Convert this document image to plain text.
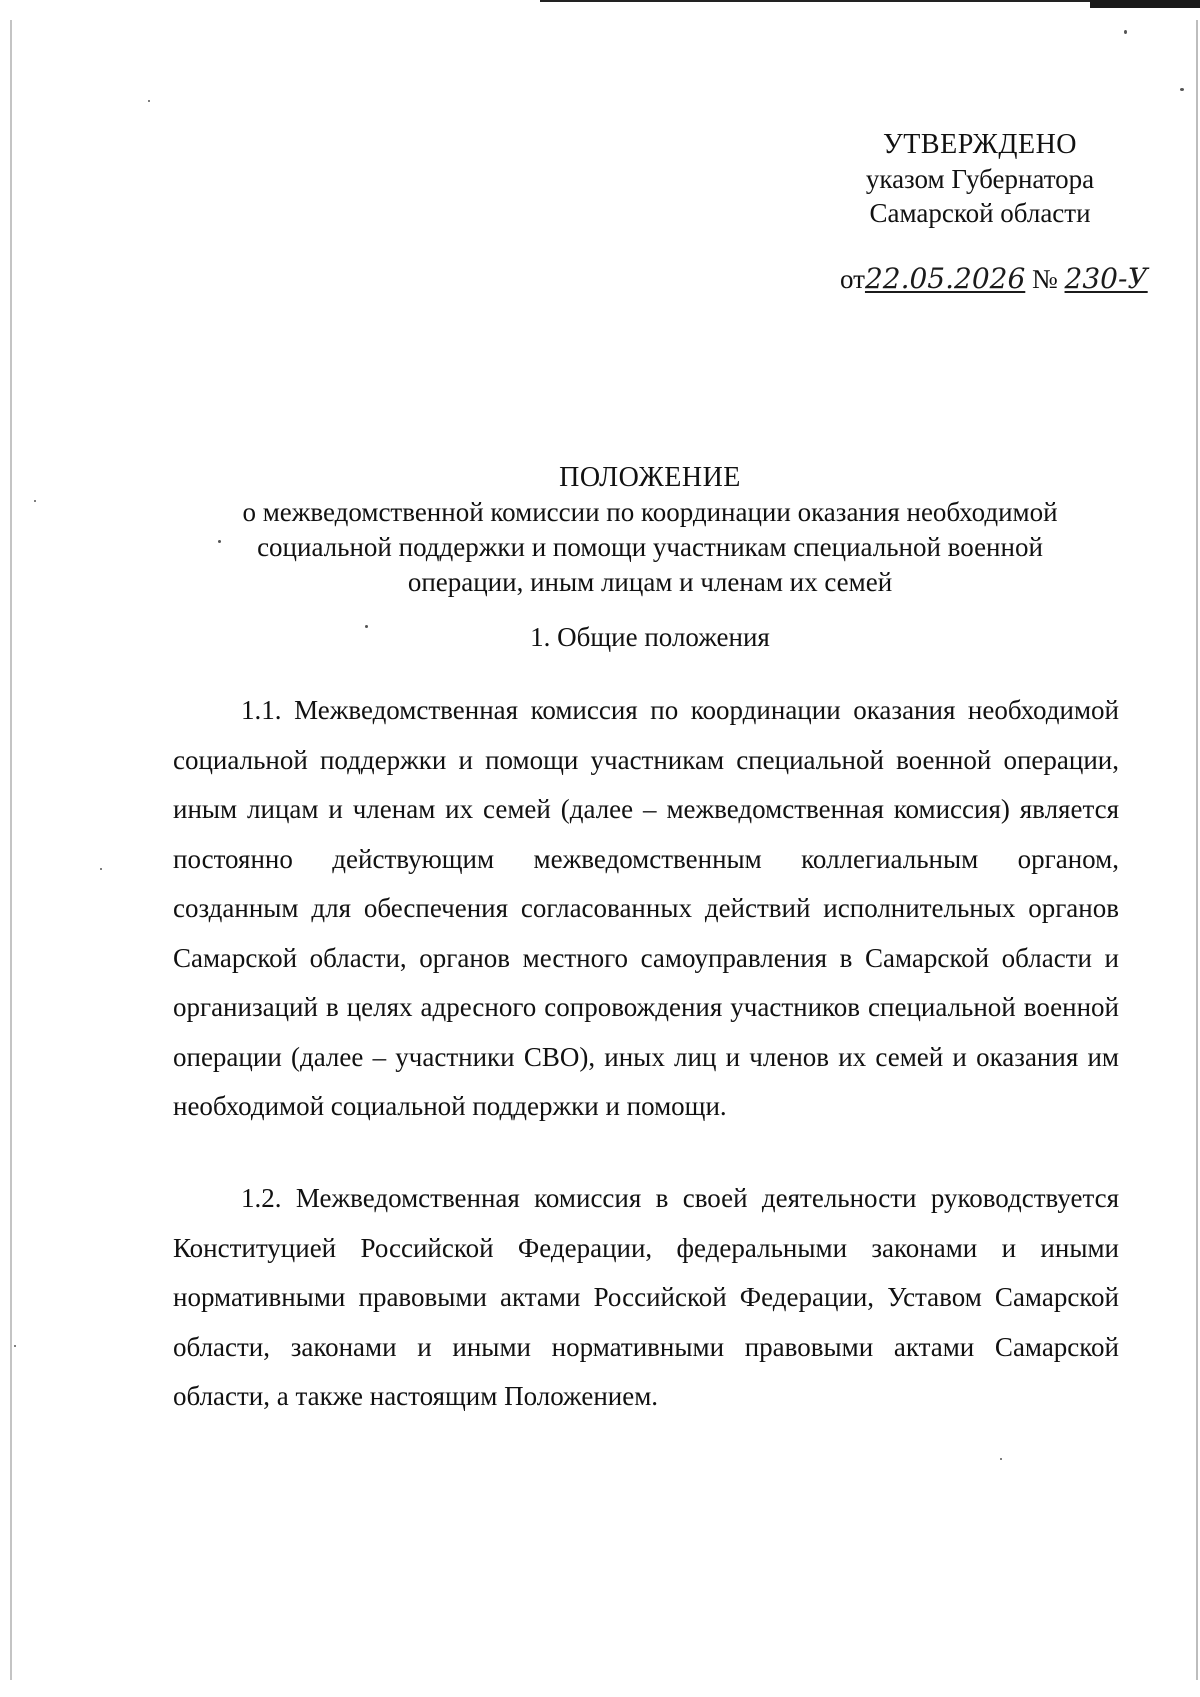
УТВЕРЖДЕНО
указом Губернатора
Самарской области
от22.05.2026 № 230-У
ПОЛОЖЕНИЕ
о межведомственной комиссии по координации оказания необходимой
социальной поддержки и помощи участникам специальной военной
операции, иным лицам и членам их семей
1. Общие положения

1.1. Межведомственная комиссия по координации оказания необходимой социальной поддержки и помощи участникам специальной военной операции, иным лицам и членам их семей (далее – межведомственная комиссия) является постоянно действующим межведомственным коллегиальным органом, созданным для обеспечения согласованных действий исполнительных органов Самарской области, органов местного самоуправления в Самарской области и организаций в целях адресного сопровождения участников специальной военной операции (далее – участники СВО), иных лиц и членов их семей и оказания им необходимой социальной поддержки и помощи.

1.2. Межведомственная комиссия в своей деятельности руководствуется Конституцией Российской Федерации, федеральными законами и иными нормативными правовыми актами Российской Федерации, Уставом Самарской области, законами и иными нормативными правовыми актами Самарской области, а также настоящим Положением.
